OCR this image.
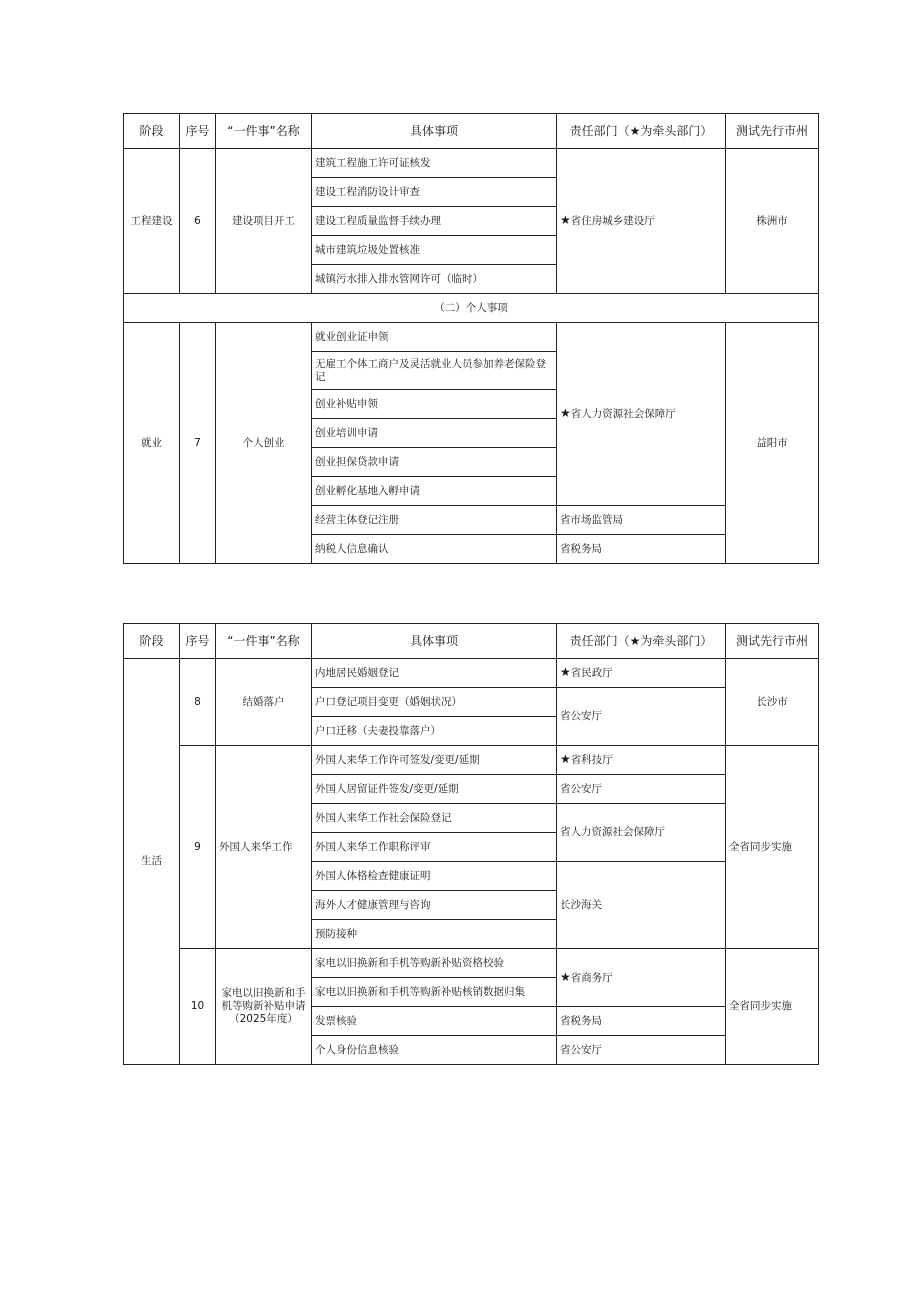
阶段	序号	“一件事”名称	具体事项	责任部门（★为牵头部门）	测试先行市州
工程建设	6	建设项目开工	建筑工程施工许可证核发	★省住房城乡建设厅	株洲市
			建设工程消防设计审查		
			建设工程质量监督手续办理		
			城市建筑垃圾处置核准		
			城镇污水排入排水管网许可（临时）		
（二）个人事项					
就业	7	个人创业	就业创业证申领	★省人力资源社会保障厅	益阳市
			无雇工个体工商户及灵活就业人员参加养老保险登记		
			创业补贴申领		
			创业培训申请		
			创业担保贷款申请		
			创业孵化基地入孵申请		
			经营主体登记注册	省市场监管局	
			纳税人信息确认	省税务局	
阶段	序号	“一件事”名称	具体事项	责任部门（★为牵头部门）	测试先行市州
生活	8	结婚落户	内地居民婚姻登记	★省民政厅	长沙市
			户口登记项目变更（婚姻状况）	省公安厅	
			户口迁移（夫妻投靠落户）		
	9	外国人来华工作	外国人来华工作许可签发/变更/延期	★省科技厅	全省同步实施
			外国人居留证件签发/变更/延期	省公安厅	
			外国人来华工作社会保险登记	省人力资源社会保障厅	
			外国人来华工作职称评审		
			外国人体格检查健康证明	长沙海关	
			海外人才健康管理与咨询		
			预防接种		
	10	家电以旧换新和手机等购新补贴申请（2025年度）	家电以旧换新和手机等购新补贴资格校验	★省商务厅	全省同步实施
			家电以旧换新和手机等购新补贴核销数据归集		
			发票核验	省税务局	
			个人身份信息核验	省公安厅	
